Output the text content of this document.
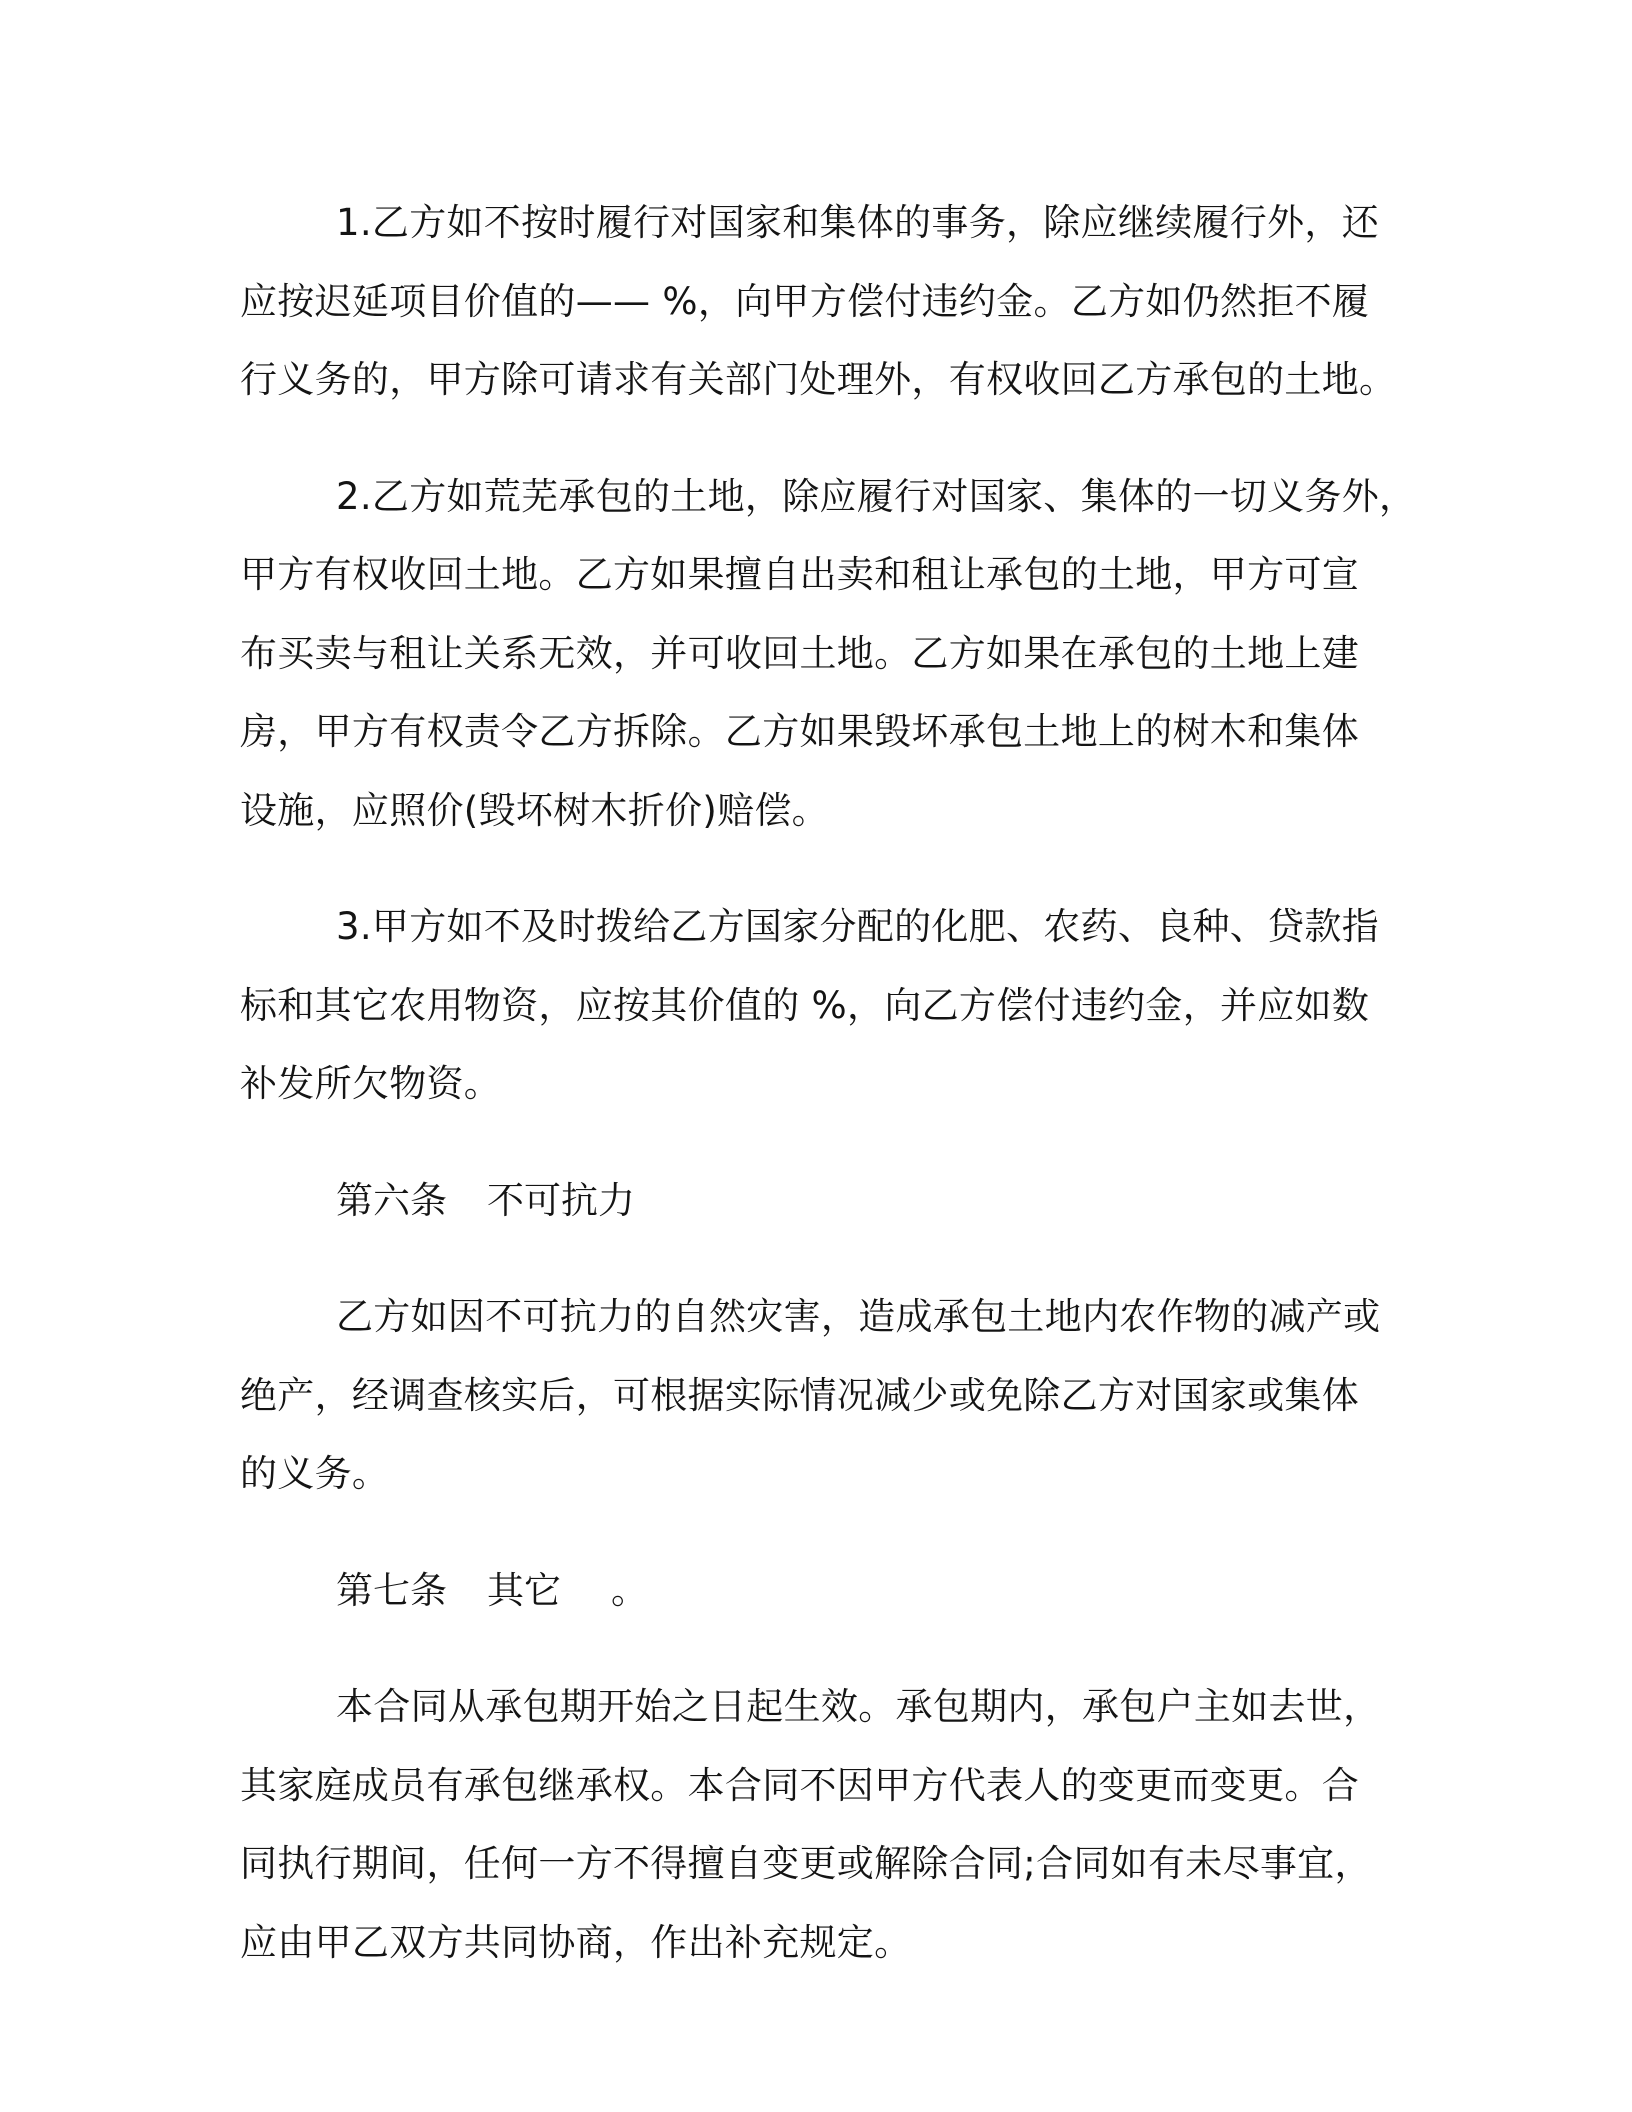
1.乙方如不按时履行对国家和集体的事务，除应继续履行外，还
应按迟延项目价值的—— %，向甲方偿付违约金。乙方如仍然拒不履
行义务的，甲方除可请求有关部门处理外，有权收回乙方承包的土地。

2.乙方如荒芜承包的土地，除应履行对国家、集体的一切义务外，
甲方有权收回土地。乙方如果擅自出卖和租让承包的土地，甲方可宣
布买卖与租让关系无效，并可收回土地。乙方如果在承包的土地上建
房，甲方有权责令乙方拆除。乙方如果毁坏承包土地上的树木和集体
设施，应照价(毁坏树木折价)赔偿。

3.甲方如不及时拨给乙方国家分配的化肥、农药、良种、贷款指
标和其它农用物资，应按其价值的 %，向乙方偿付违约金，并应如数
补发所欠物资。

第六条 不可抗力

乙方如因不可抗力的自然灾害，造成承包土地内农作物的减产或
绝产，经调查核实后，可根据实际情况减少或免除乙方对国家或集体
的义务。

第七条 其它 。

本合同从承包期开始之日起生效。承包期内，承包户主如去世，
其家庭成员有承包继承权。本合同不因甲方代表人的变更而变更。合
同执行期间，任何一方不得擅自变更或解除合同;合同如有未尽事宜，
应由甲乙双方共同协商，作出补充规定。
